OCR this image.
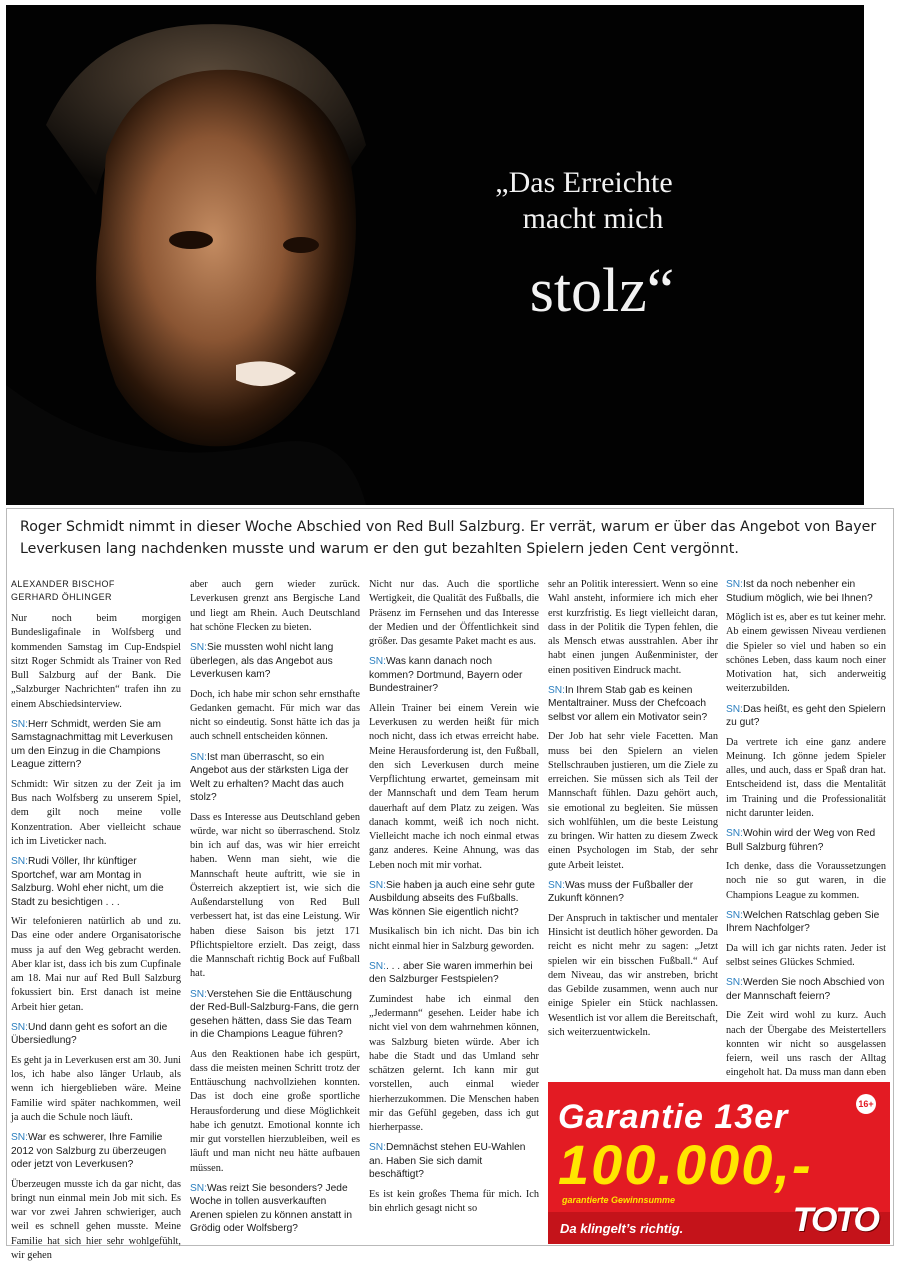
„Das Erreichte
macht mich
stolz“
Roger Schmidt nimmt in dieser Woche Abschied von Red Bull Salzburg. Er verrät, warum er über das Angebot von Bayer Leverkusen lang nachdenken musste und warum er den gut bezahlten Spielern jeden Cent vergönnt.

ALEXANDER BISCHOF
GERHARD ÖHLINGER

Nur noch beim morgigen Bundesligafinale in Wolfsberg und kommenden Samstag im Cup-Endspiel sitzt Roger Schmidt als Trainer von Red Bull Salzburg auf der Bank. Die „Salzburger Nachrichten“ trafen ihn zu einem Abschiedsinterview.

SN:Herr Schmidt, werden Sie am Samstagnachmittag mit Leverkusen um den Einzug in die Champions League zittern?

Schmidt: Wir sitzen zu der Zeit ja im Bus nach Wolfsberg zu unserem Spiel, dem gilt noch meine volle Konzentration. Aber vielleicht schaue ich im Liveticker nach.

SN:Rudi Völler, Ihr künftiger Sportchef, war am Montag in Salzburg. Wohl eher nicht, um die Stadt zu besichtigen . . .

Wir telefonieren natürlich ab und zu. Das eine oder andere Organisatorische muss ja auf den Weg gebracht werden. Aber klar ist, dass ich bis zum Cupfinale am 18. Mai nur auf Red Bull Salzburg fokussiert bin. Erst danach ist meine Arbeit hier getan.

SN:Und dann geht es sofort an die Übersiedlung?

Es geht ja in Leverkusen erst am 30. Juni los, ich habe also länger Urlaub, als wenn ich hiergeblieben wäre. Meine Familie wird später nachkommen, weil ja auch die Schule noch läuft.

SN:War es schwerer, Ihre Familie 2012 von Salzburg zu überzeugen oder jetzt von Leverkusen?

Überzeugen musste ich da gar nicht, das bringt nun einmal mein Job mit sich. Es war vor zwei Jahren schwieriger, auch weil es schnell gehen musste. Meine Familie hat sich hier sehr wohlgefühlt, wir gehen

aber auch gern wieder zurück. Leverkusen grenzt ans Bergische Land und liegt am Rhein. Auch Deutschland hat schöne Flecken zu bieten.

SN:Sie mussten wohl nicht lang überlegen, als das Angebot aus Leverkusen kam?

Doch, ich habe mir schon sehr ernsthafte Gedanken gemacht. Für mich war das nicht so eindeutig. Sonst hätte ich das ja auch schnell entscheiden können.

SN:Ist man überrascht, so ein Angebot aus der stärksten Liga der Welt zu erhalten? Macht das auch stolz?

Dass es Interesse aus Deutschland geben würde, war nicht so überraschend. Stolz bin ich auf das, was wir hier erreicht haben. Wenn man sieht, wie die Mannschaft heute auftritt, wie sie in Österreich akzeptiert ist, wie sich die Außendarstellung von Red Bull verbessert hat, ist das eine Leistung. Wir haben diese Saison bis jetzt 171 Pflichtspieltore erzielt. Das zeigt, dass die Mannschaft richtig Bock auf Fußball hat.

SN:Verstehen Sie die Enttäuschung der Red-Bull-Salzburg-Fans, die gern gesehen hätten, dass Sie das Team in die Champions League führen?

Aus den Reaktionen habe ich gespürt, dass die meisten meinen Schritt trotz der Enttäuschung nachvollziehen konnten. Das ist doch eine große sportliche Herausforderung und diese Möglichkeit habe ich genutzt. Emotional konnte ich mir gut vorstellen hierzubleiben, weil es läuft und man nicht neu hätte aufbauen müssen.

SN:Was reizt Sie besonders? Jede Woche in tollen ausverkauften Arenen spielen zu können anstatt in Grödig oder Wolfsberg?

Nicht nur das. Auch die sportliche Wertigkeit, die Qualität des Fußballs, die Präsenz im Fernsehen und das Interesse der Medien und der Öffentlichkeit sind größer. Das gesamte Paket macht es aus.

SN:Was kann danach noch kommen? Dortmund, Bayern oder Bundestrainer?

Allein Trainer bei einem Verein wie Leverkusen zu werden heißt für mich noch nicht, dass ich etwas erreicht habe. Meine Herausforderung ist, den Fußball, den sich Leverkusen durch meine Verpflichtung erwartet, gemeinsam mit der Mannschaft und dem Team herum dauerhaft auf dem Platz zu zeigen. Was danach kommt, weiß ich noch nicht. Vielleicht mache ich noch einmal etwas ganz anderes. Keine Ahnung, was das Leben noch mit mir vorhat.

SN:Sie haben ja auch eine sehr gute Ausbildung abseits des Fußballs. Was können Sie eigentlich nicht?

Musikalisch bin ich nicht. Das bin ich nicht einmal hier in Salzburg geworden.

SN:. . . aber Sie waren immerhin bei den Salzburger Festspielen?

Zumindest habe ich einmal den „Jedermann“ gesehen. Leider habe ich nicht viel von dem wahrnehmen können, was Salzburg bieten würde. Aber ich habe die Stadt und das Umland sehr schätzen gelernt. Ich kann mir gut vorstellen, auch einmal wieder hierherzukommen. Die Menschen haben mir das Gefühl gegeben, dass ich gut hierherpasse.

SN:Demnächst stehen EU-Wahlen an. Haben Sie sich damit beschäftigt?

Es ist kein großes Thema für mich. Ich bin ehrlich gesagt nicht so

sehr an Politik interessiert. Wenn so eine Wahl ansteht, informiere ich mich eher erst kurzfristig. Es liegt vielleicht daran, dass in der Politik die Typen fehlen, die als Mensch etwas ausstrahlen. Aber ihr habt einen jungen Außenminister, der einen positiven Eindruck macht.

SN:In Ihrem Stab gab es keinen Mentaltrainer. Muss der Chefcoach selbst vor allem ein Motivator sein?

Der Job hat sehr viele Facetten. Man muss bei den Spielern an vielen Stellschrauben justieren, um die Ziele zu erreichen. Sie müssen sich als Teil der Mannschaft fühlen. Dazu gehört auch, sie emotional zu begleiten. Sie müssen sich wohlfühlen, um die beste Leistung zu bringen. Wir hatten zu diesem Zweck einen Psychologen im Stab, der sehr gute Arbeit leistet.

SN:Was muss der Fußballer der Zukunft können?

Der Anspruch in taktischer und mentaler Hinsicht ist deutlich höher geworden. Da reicht es nicht mehr zu sagen: „Jetzt spielen wir ein bisschen Fußball.“ Auf dem Niveau, das wir anstreben, bricht das Gebilde zusammen, wenn auch nur einige Spieler ein Stück nachlassen. Wesentlich ist vor allem die Bereitschaft, sich weiterzuentwickeln.

SN:Ist da noch nebenher ein Studium möglich, wie bei Ihnen?

Möglich ist es, aber es tut keiner mehr. Ab einem gewissen Niveau verdienen die Spieler so viel und haben so ein schönes Leben, dass kaum noch einer Motivation hat, sich anderweitig weiterzubilden.

SN:Das heißt, es geht den Spielern zu gut?

Da vertrete ich eine ganz andere Meinung. Ich gönne jedem Spieler alles, und auch, dass er Spaß dran hat. Entscheidend ist, dass die Mentalität im Training und die Professionalität nicht darunter leiden.

SN:Wohin wird der Weg von Red Bull Salzburg führen?

Ich denke, dass die Voraussetzungen noch nie so gut waren, in die Champions League zu kommen.

SN:Welchen Ratschlag geben Sie Ihrem Nachfolger?

Da will ich gar nichts raten. Jeder ist selbst seines Glückes Schmied.

SN:Werden Sie noch Abschied von der Mannschaft feiern?

Die Zeit wird wohl zu kurz. Auch nach der Übergabe des Meistertellers konnten wir nicht so ausgelassen feiern, weil uns rasch der Alltag eingeholt hat. Da muss man dann eben

16+
Garantie 13er
100.000,-
garantierte Gewinnsumme
Da klingelt’s richtig.	TOTO
